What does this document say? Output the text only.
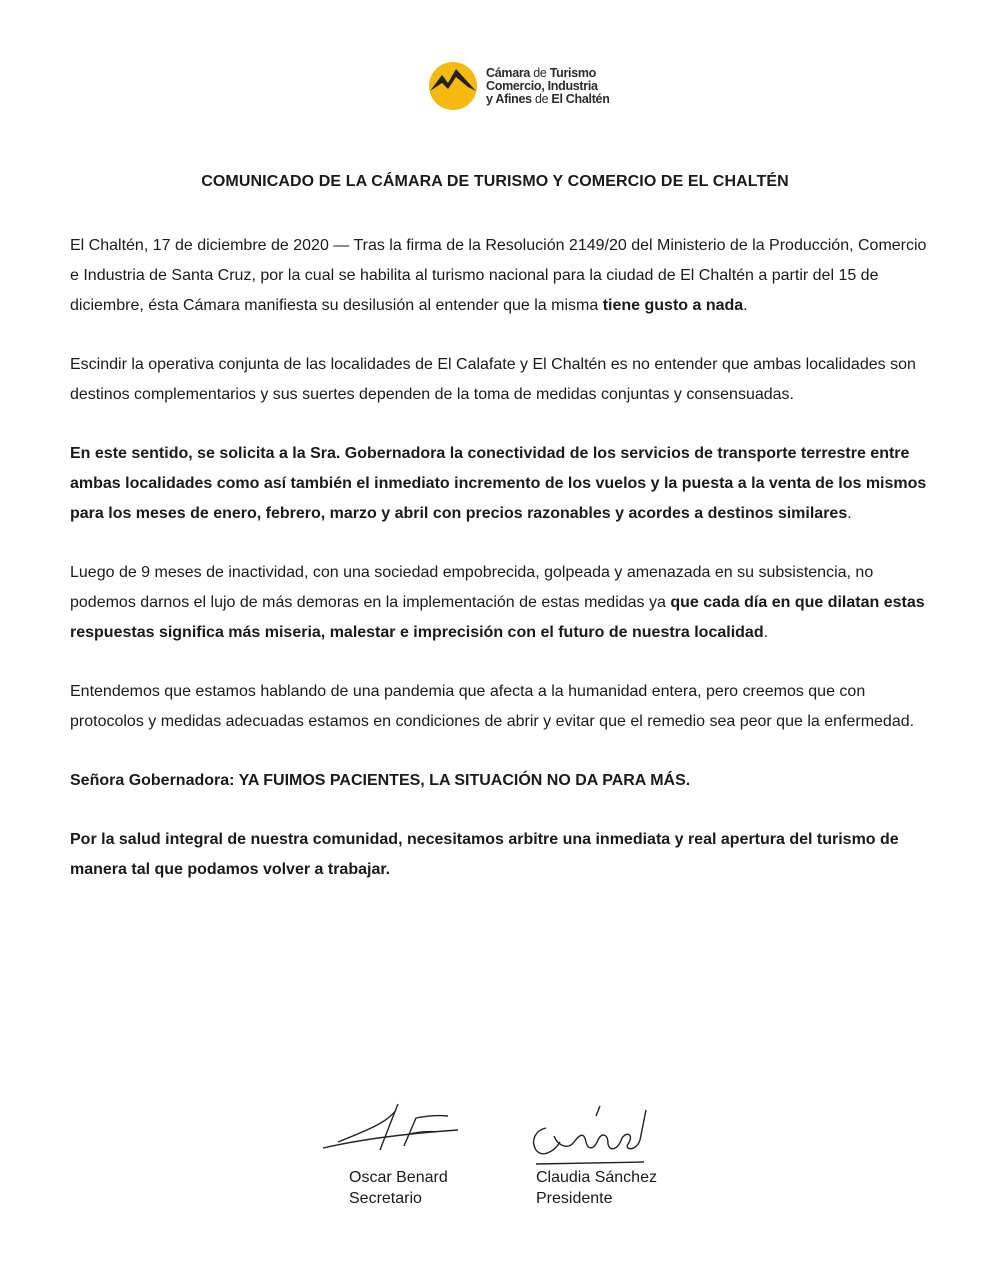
Cámara de Turismo
Comercio, Industria
y Afines de El Chaltén
COMUNICADO DE LA CÁMARA DE TURISMO Y COMERCIO DE EL CHALTÉN

El Chaltén, 17 de diciembre de 2020 — Tras la firma de la Resolución 2149/20 del Ministerio de la Producción, Comercio e Industria de Santa Cruz, por la cual se habilita al turismo nacional para la ciudad de El Chaltén a partir del 15 de diciembre, ésta Cámara manifiesta su desilusión al entender que la misma tiene gusto a nada.

Escindir la operativa conjunta de las localidades de El Calafate y El Chaltén es no entender que ambas localidades son destinos complementarios y sus suertes dependen de la toma de medidas conjuntas y consensuadas.

En este sentido, se solicita a la Sra. Gobernadora la conectividad de los servicios de transporte terrestre entre ambas localidades como así también el inmediato incremento de los vuelos y la puesta a la venta de los mismos para los meses de enero, febrero, marzo y abril con precios razonables y acordes a destinos similares.

Luego de 9 meses de inactividad, con una sociedad empobrecida, golpeada y amenazada en su subsistencia, no podemos darnos el lujo de más demoras en la implementación de estas medidas ya que cada día en que dilatan estas respuestas significa más miseria, malestar e imprecisión con el futuro de nuestra localidad.

Entendemos que estamos hablando de una pandemia que afecta a la humanidad entera, pero creemos que con protocolos y medidas adecuadas estamos en condiciones de abrir y evitar que el remedio sea peor que la enfermedad.

Señora Gobernadora: YA FUIMOS PACIENTES, LA SITUACIÓN NO DA PARA MÁS.

Por la salud integral de nuestra comunidad, necesitamos arbitre una inmediata y real apertura del turismo de manera tal que podamos volver a trabajar.

Oscar Benard
Secretario
Claudia Sánchez
Presidente
